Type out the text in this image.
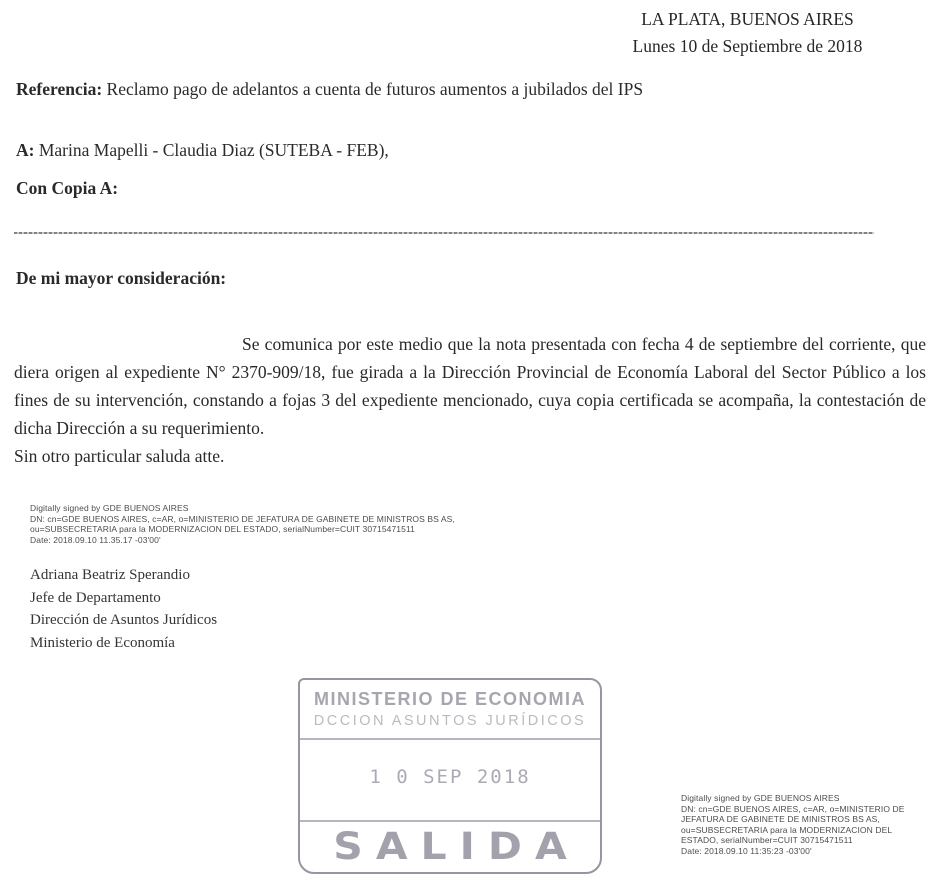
LA PLATA, BUENOS AIRES
Lunes 10 de Septiembre de 2018
Referencia: Reclamo pago de adelantos a cuenta de futuros aumentos a jubilados del IPS
A: Marina Mapelli - Claudia Diaz (SUTEBA - FEB),
Con Copia A:
De mi mayor consideración:
Se comunica por este medio que la nota presentada con fecha 4 de septiembre del corriente, que diera origen al expediente N° 2370-909/18, fue girada a la Dirección Provincial de Economía Laboral del Sector Público a los fines de su intervención, constando a fojas 3 del expediente mencionado, cuya copia certificada se acompaña, la contestación de dicha Dirección a su requerimiento.
Sin otro particular saluda atte.
Digitally signed by GDE BUENOS AIRES
DN: cn=GDE BUENOS AIRES, c=AR, o=MINISTERIO DE JEFATURA DE GABINETE DE MINISTROS BS AS,
ou=SUBSECRETARIA para la MODERNIZACION DEL ESTADO, serialNumber=CUIT 30715471511
Date: 2018.09.10 11.35.17 -03'00'
Adriana Beatriz Sperandio
Jefe de Departamento
Dirección de Asuntos Jurídicos
Ministerio de Economía
MINISTERIO DE ECONOMIA
DCCION ASUNTOS JURÍDICOS
1 0 SEP 2018
SALIDA
Digitally signed by GDE BUENOS AIRES
DN: cn=GDE BUENOS AIRES, c=AR, o=MINISTERIO DE
JEFATURA DE GABINETE DE MINISTROS BS AS,
ou=SUBSECRETARIA para la MODERNIZACION DEL
ESTADO, serialNumber=CUIT 30715471511
Date: 2018.09.10 11:35:23 -03'00'
